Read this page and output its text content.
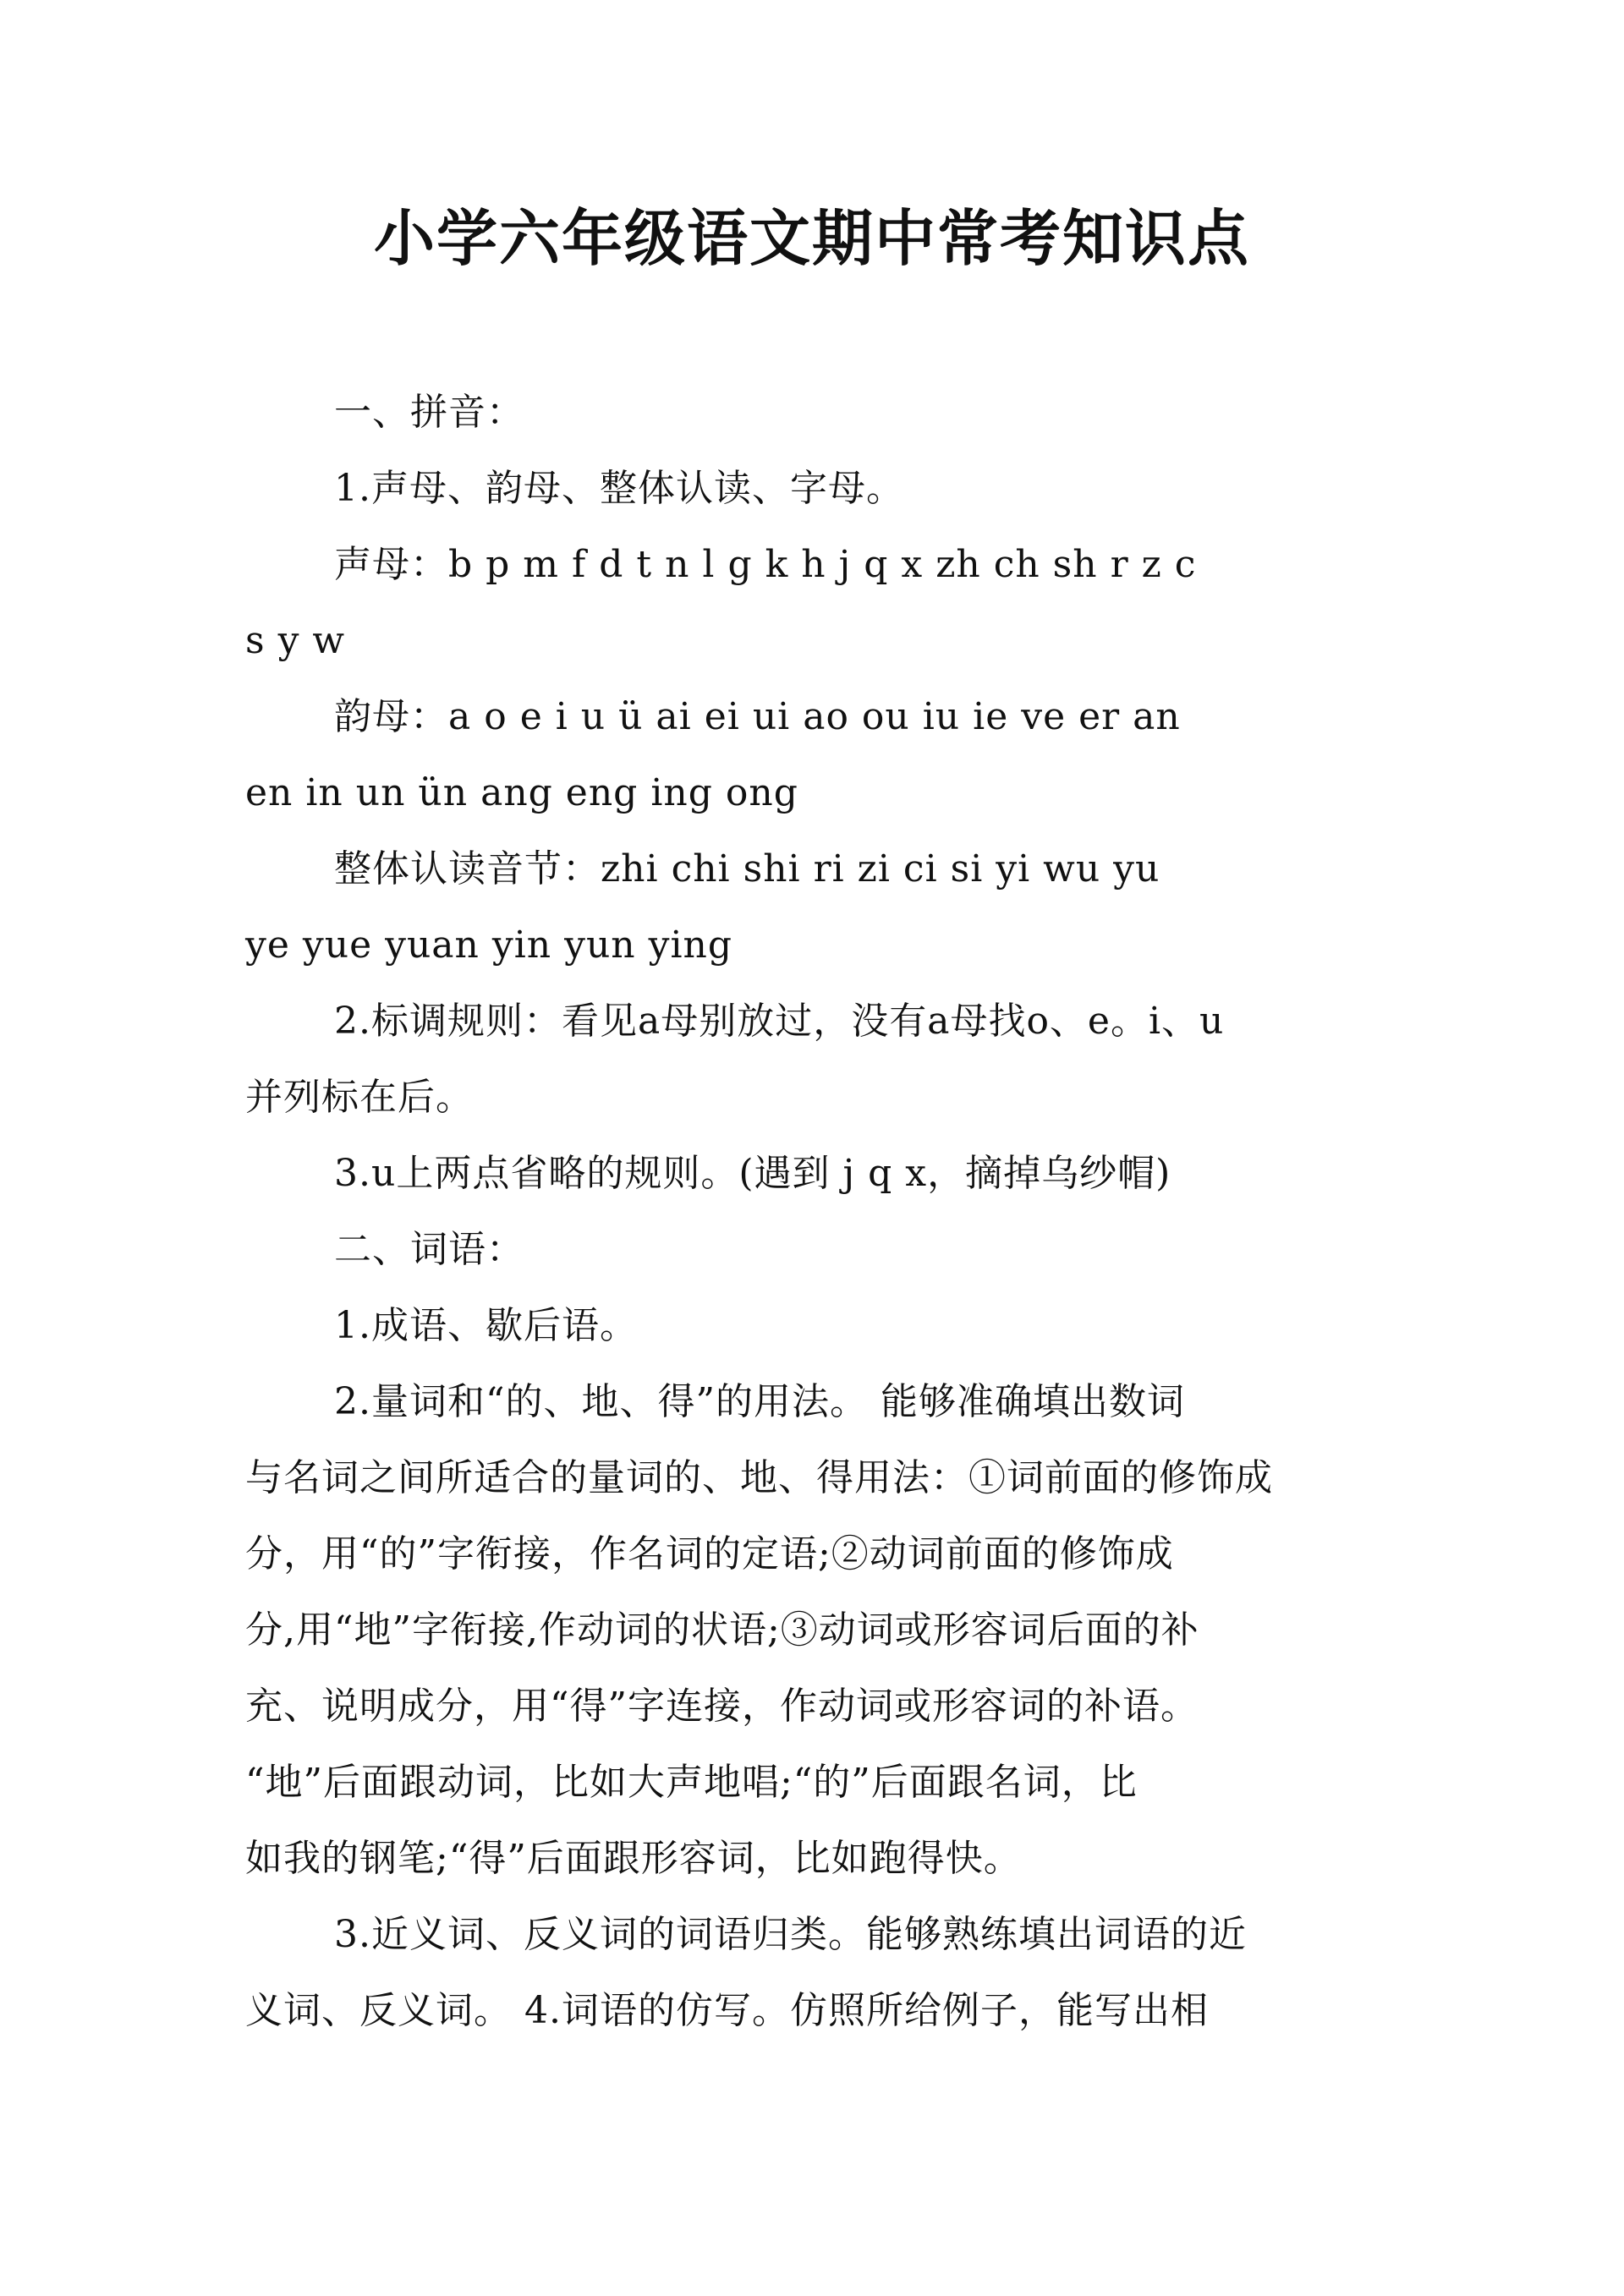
小学六年级语文期中常考知识点

一、拼音：

1.声母、韵母、整体认读、字母。

声母：b p m f d t n l g k h j q x zh ch sh r z c

s y w

韵母：a o e i u ü ai ei ui ao ou iu ie ve er an

en in un ün ang eng ing ong

整体认读音节：zhi chi shi ri zi ci si yi wu yu

ye yue yuan yin yun ying

2.标调规则：看见a母别放过，没有a母找o、e。i、u

并列标在后。

3.u上两点省略的规则。(遇到 j q x，摘掉乌纱帽)

二、词语：

1.成语、歇后语。

2.量词和“的、地、得”的用法。 能够准确填出数词

与名词之间所适合的量词的、地、得用法：①词前面的修饰成

分，用“的”字衔接，作名词的定语;②动词前面的修饰成

分,用“地”字衔接,作动词的状语;③动词或形容词后面的补

充、说明成分，用“得”字连接，作动词或形容词的补语。

“地”后面跟动词，比如大声地唱;“的”后面跟名词，比

如我的钢笔;“得”后面跟形容词，比如跑得快。

3.近义词、反义词的词语归类。能够熟练填出词语的近

义词、反义词。 4.词语的仿写。仿照所给例子，能写出相
